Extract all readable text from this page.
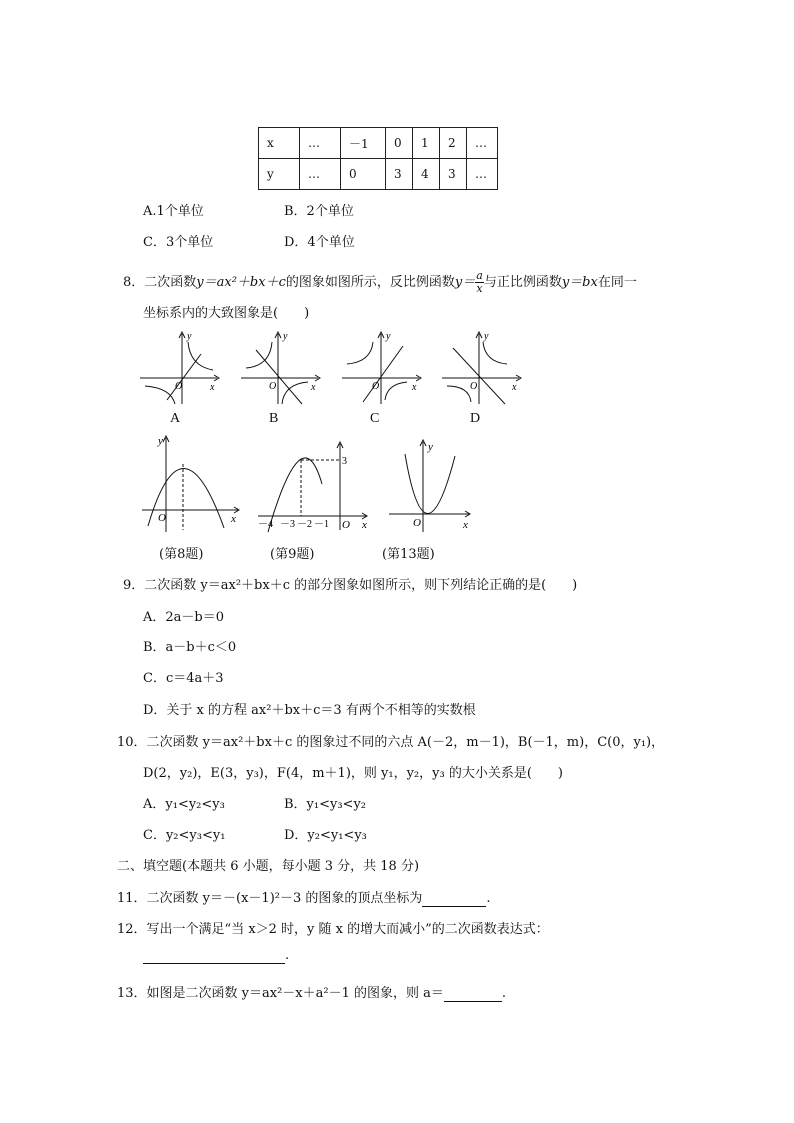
x	…	－1	0	1	2	…
y	…	0	3	4	3	…
A.1个单位	B．2个单位
C．3个单位	D．4个单位
8．二次函数y＝ax²＋bx＋c的图象如图所示，反比例函数$y= \frac{a}{x}$ 与正比例函数y＝bx在同一
坐标系内的大致图象是(　　)
y
x
O
y
x
O
y
x
O
y
x
O
A	B	C	D
y
x
O
3
－4 －3 －2 －1 O x
y
x
O
(第8题)	(第9题)	(第13题)
9．二次函数 y＝ax²＋bx＋c 的部分图象如图所示，则下列结论正确的是(　　)
A．2a－b＝0
B．a－b＋c＜0
C．c＝4a＋3
D．关于 x 的方程 ax²＋bx＋c＝3 有两个不相等的实数根
10．二次函数 y＝ax²＋bx＋c 的图象过不同的六点 A(－2，m－1)，B(－1，m)，C(0，y₁)，
D(2，y₂)，E(3，y₃)，F(4，m＋1)，则 y₁，y₂，y₃ 的大小关系是(　　)
A．y₁<y₂<y₃	B．y₁<y₃<y₂
C．y₂<y₃<y₁	D．y₂<y₁<y₃
二、填空题(本题共 6 小题，每小题 3 分，共 18 分)
11．二次函数 y＝－(x－1)²－3 的图象的顶点坐标为	.
12．写出一个满足“当 x＞2 时，y 随 x 的增大而减小”的二次函数表达式：
.
13．如图是二次函数 y＝ax²－x＋a²－1 的图象，则 a＝	.
